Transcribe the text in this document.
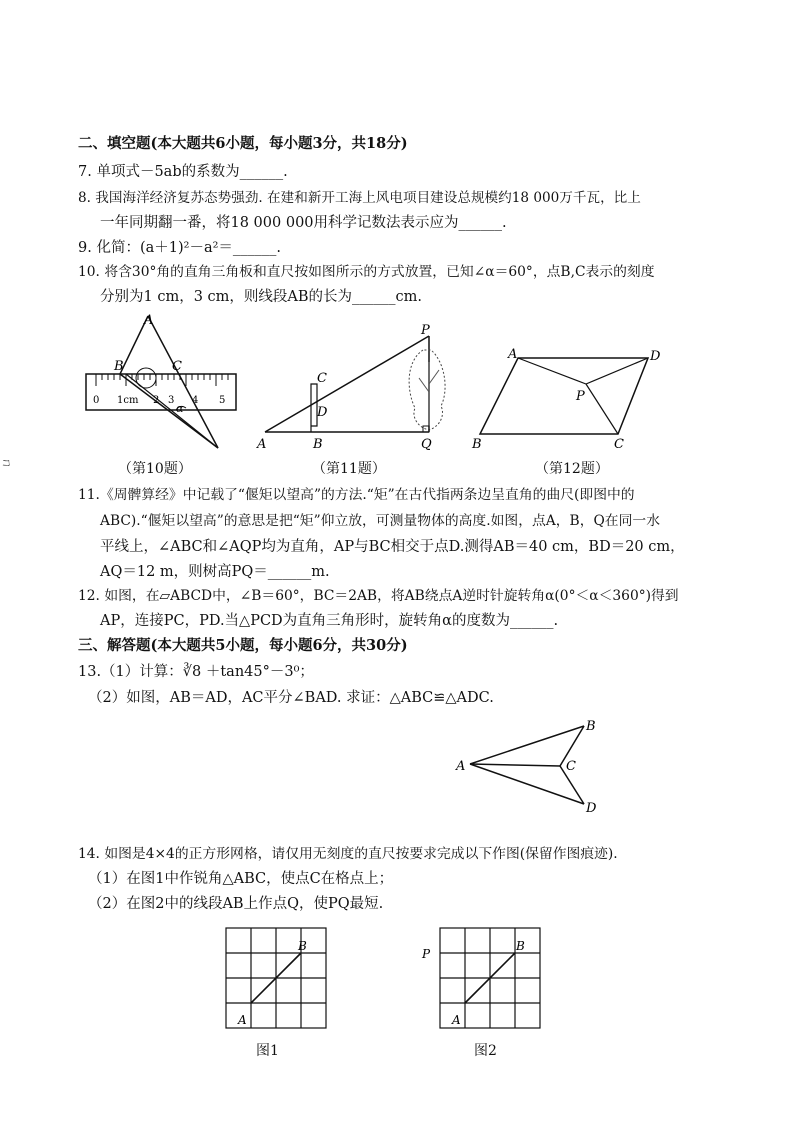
二、填空题(本大题共6小题，每小题3分，共18分)
7. 单项式－5ab的系数为______.
8. 我国海洋经济复苏态势强劲. 在建和新开工海上风电项目建设总规模约18 000万千瓦，比上
一年同期翻一番，将18 000 000用科学记数法表示应为______.
9. 化简：(a＋1)²－a²＝______.
10. 将含30°角的直角三角板和直尺按如图所示的方式放置，已知∠α＝60°，点B,C表示的刻度
分别为1 cm，3 cm，则线段AB的长为______cm.
A
B	C
α
0 1cm 2 3 4 5
（第10题）
P
C
D
A	B	Q
（第11题）
A	D
P
B	C
（第12题）
11.《周髀算经》中记载了“偃矩以望高”的方法.“矩”在古代指两条边呈直角的曲尺(即图中的
ABC).“偃矩以望高”的意思是把“矩”仰立放，可测量物体的高度.如图，点A，B，Q在同一水
平线上，∠ABC和∠AQP均为直角，AP与BC相交于点D.测得AB＝40 cm，BD＝20 cm，
AQ＝12 m，则树高PQ＝______m.
12. 如图，在▱ABCD中，∠B＝60°，BC＝2AB，将AB绕点A逆时针旋转角α(0°＜α＜360°)得到
AP，连接PC，PD.当△PCD为直角三角形时，旋转角α的度数为______.
三、解答题(本大题共5小题，每小题6分，共30分)
13.（1）计算：∛8 ＋tan45°－3⁰；
（2）如图，AB＝AD，AC平分∠BAD. 求证：△ABC≌△ADC.
A
B
C
D
14. 如图是4×4的正方形网格，请仅用无刻度的直尺按要求完成以下作图(保留作图痕迹).
（1）在图1中作锐角△ABC，使点C在格点上；
（2）在图2中的线段AB上作点Q，使PQ最短.
A
B
图1
P
A
B
图2
ㄇ
